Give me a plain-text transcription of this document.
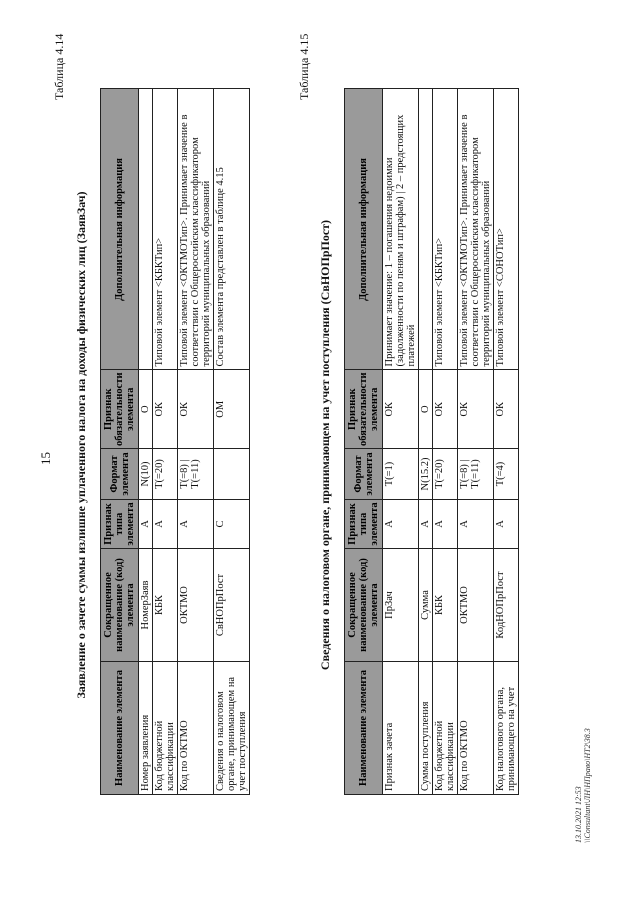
15
Таблица 4.14
Заявление о зачете суммы излишне уплаченного налога на доходы физических лиц (ЗаявЗач)
Наименование элемента	Сокращенное наименование (код) элемента	Признак типа элемента	Формат элемента	Признак обязательности элемента	Дополнительная информация
Номер заявления	НомерЗаяв	А	N(10)	О	
Код бюджетной классификации	КБК	А	T(=20)	ОК	Типовой элемент <КБКТип>
Код по ОКТМО	ОКТМО	А	T(=8) | T(=11)	ОК	Типовой элемент <ОКТМОТип>. Принимает значение в соответствии с Общероссийским классификатором территорий муниципальных образований
Сведения о налоговом органе, принимающем на учет поступления	СвНОПрПост	С		ОМ	Состав элемента представлен в таблице 4.15
Таблица 4.15
Сведения о налоговом органе, принимающем на учет поступления (СвНОПрПост)
Наименование элемента	Сокращенное наименование (код) элемента	Признак типа элемента	Формат элемента	Признак обязательности элемента	Дополнительная информация
Признак зачета	ПрЗач	А	T(=1)	ОК	Принимает значение: 1 – погашения недоимки (задолженности по пеням и штрафам) | 2 – предстоящих платежей
Сумма поступления	Сумма	А	N(15.2)	О	
Код бюджетной классификации	КБК	А	T(=20)	ОК	Типовой элемент <КБКТип>
Код по ОКТМО	ОКТМО	А	T(=8) | T(=11)	ОК	Типовой элемент <ОКТМОТип>. Принимает значение в соответствии с Общероссийским классификатором территорий муниципальных образований
Код налогового органа, принимающего на учет	КодНОПрПост	А	T(=4)	ОК	Типовой элемент <СОНОТип>
13.10.2021 12:53 \\Consultant\ЛН\НПраво\НТ2\38.3
